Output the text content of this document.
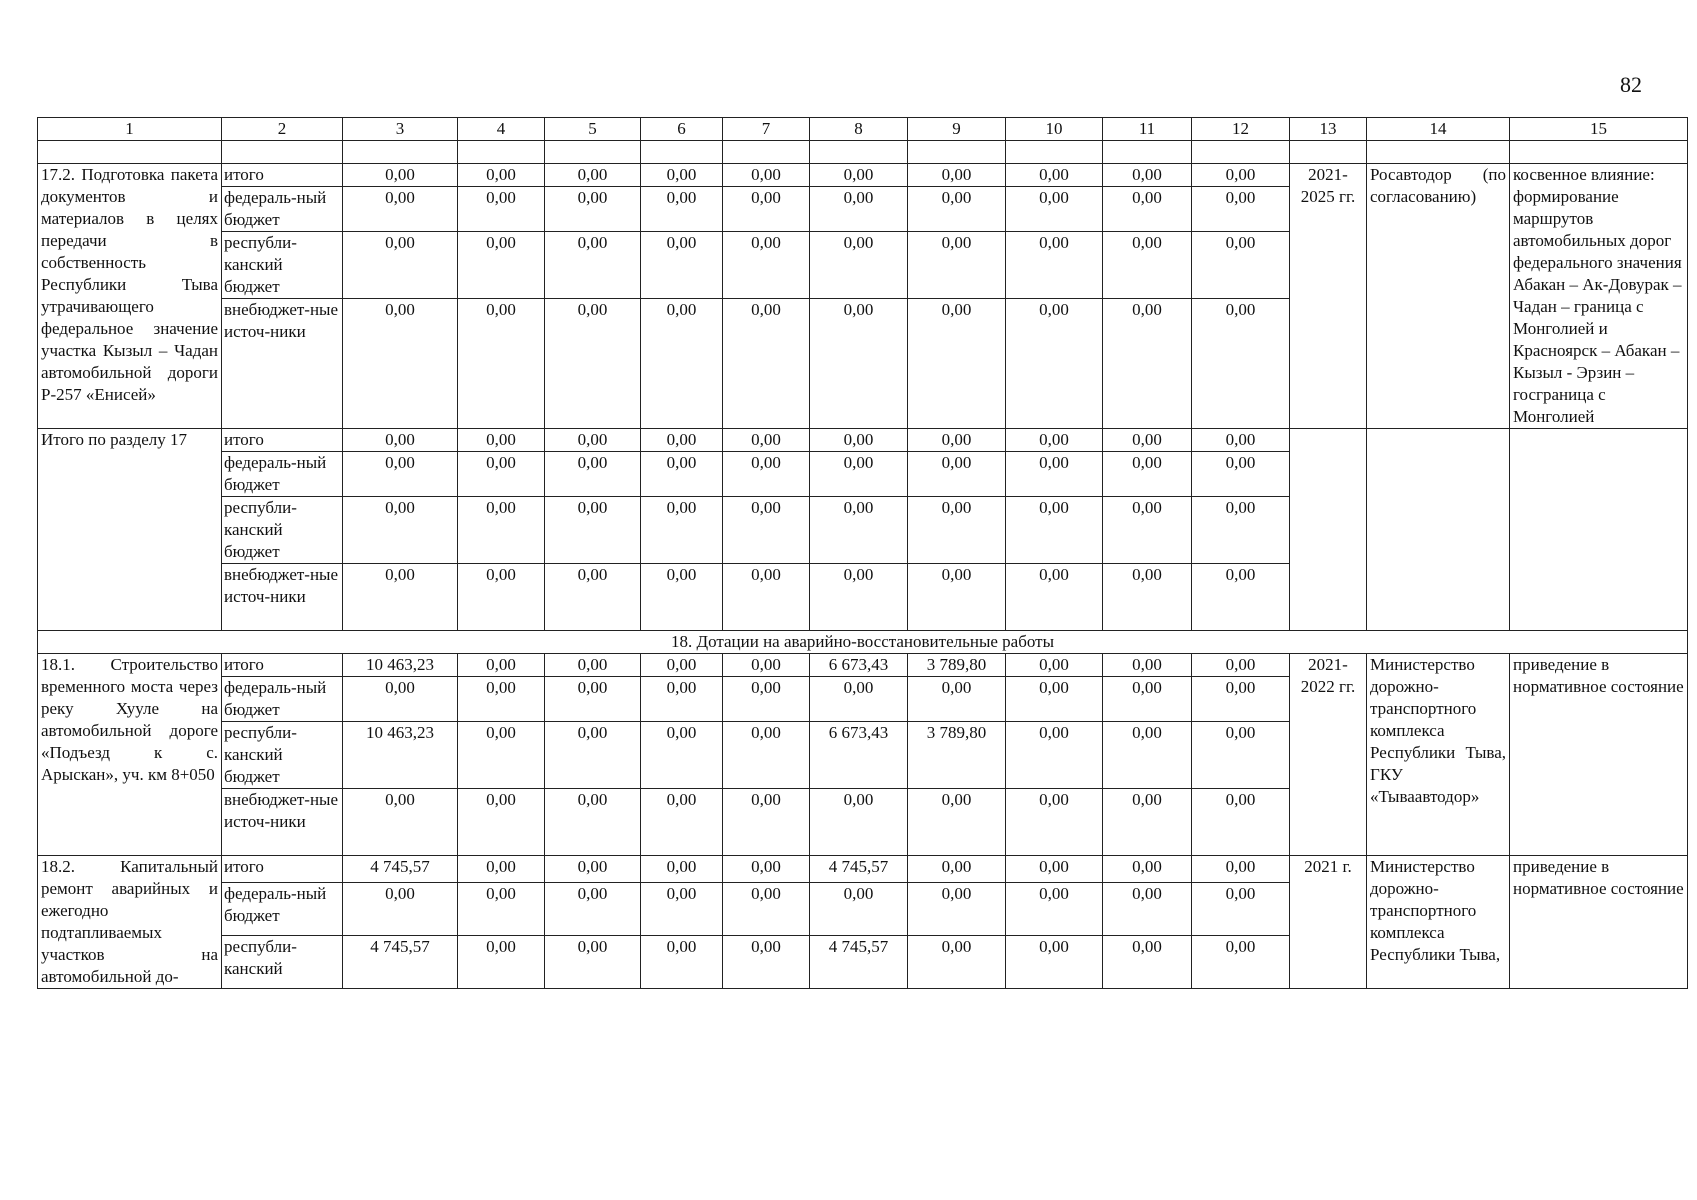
82
1	2	3	4	5	6	7	8	9	10	11	12	13	14	15

17.2. Подготовка пакета документов и материалов в целях передачи в собственность Республики Тыва утрачивающего федеральное значение участка Кызыл – Чадан автомобильной дороги Р-257 «Енисей»	итого	0,00	0,00	0,00	0,00	0,00	0,00	0,00	0,00	0,00	0,00	2021-2025 гг.	Росавтодор (по согласованию)	косвенное влияние: формирование маршрутов автомобильных дорог федерального значения Абакан – Ак-Довурак – Чадан – граница с Монголией и Красноярск – Абакан – Кызыл - Эрзин – госграница с Монголией
	федераль-ный бюджет	0,00	0,00	0,00	0,00	0,00	0,00	0,00	0,00	0,00	0,00			
	республи-канский бюджет	0,00	0,00	0,00	0,00	0,00	0,00	0,00	0,00	0,00	0,00			
	внебюджет-ные источ-ники	0,00	0,00	0,00	0,00	0,00	0,00	0,00	0,00	0,00	0,00			
Итого по разделу 17	итого	0,00	0,00	0,00	0,00	0,00	0,00	0,00	0,00	0,00	0,00			
	федераль-ный бюджет	0,00	0,00	0,00	0,00	0,00	0,00	0,00	0,00	0,00	0,00			
	республи-канский бюджет	0,00	0,00	0,00	0,00	0,00	0,00	0,00	0,00	0,00	0,00			
	внебюджет-ные источ-ники	0,00	0,00	0,00	0,00	0,00	0,00	0,00	0,00	0,00	0,00			
18. Дотации на аварийно-восстановительные работы														
18.1. Строительство временного моста через реку Хууле на автомобильной дороге «Подъезд к с. Арыскан», уч. км 8+050	итого	10 463,23	0,00	0,00	0,00	0,00	6 673,43	3 789,80	0,00	0,00	0,00	2021-2022 гг.	Министерство дорожно-транспортного комплекса Республики Тыва, ГКУ «Тываавтодор»	приведение в нормативное состояние
	федераль-ный бюджет	0,00	0,00	0,00	0,00	0,00	0,00	0,00	0,00	0,00	0,00			
	республи-канский бюджет	10 463,23	0,00	0,00	0,00	0,00	6 673,43	3 789,80	0,00	0,00	0,00			
	внебюджет-ные источ-ники	0,00	0,00	0,00	0,00	0,00	0,00	0,00	0,00	0,00	0,00			
18.2. Капитальный ремонт аварийных и ежегодно подтапливаемых участков на автомобильной до-	итого	4 745,57	0,00	0,00	0,00	0,00	4 745,57	0,00	0,00	0,00	0,00	2021 г.	Министерство дорожно-транспортного комплекса Республики Тыва,	приведение в нормативное состояние
	федераль-ный бюджет	0,00	0,00	0,00	0,00	0,00	0,00	0,00	0,00	0,00	0,00			
	республи-канский	4 745,57	0,00	0,00	0,00	0,00	4 745,57	0,00	0,00	0,00	0,00			
